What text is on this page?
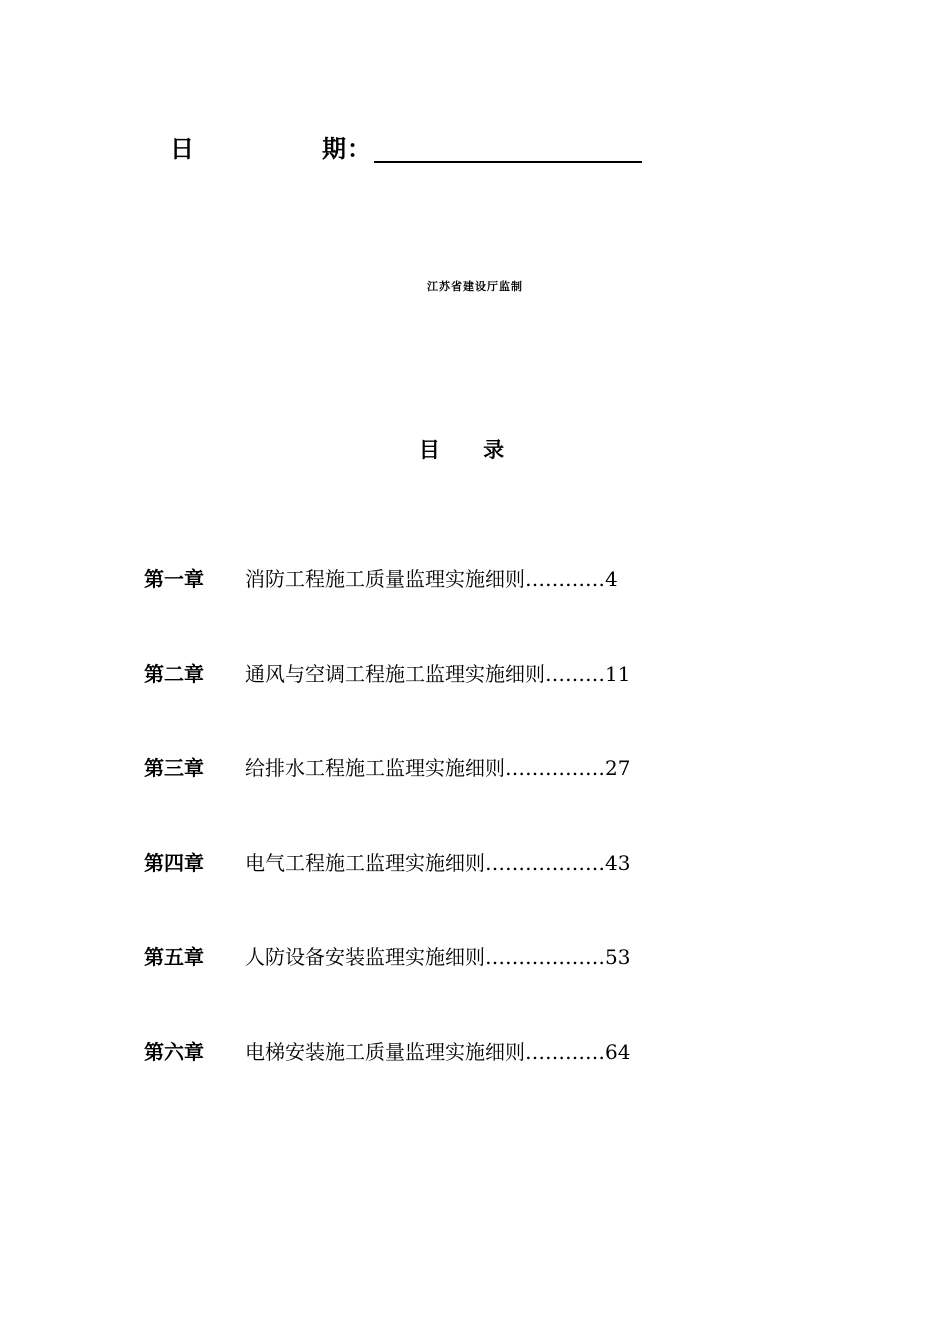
日	期 ：
江苏省建设厅监制
目 录
第一章 消防工程施工质量监理实施细则…………4
第二章 通风与空调工程施工监理实施细则………11
第三章 给排水工程施工监理实施细则……………27
第四章 电气工程施工监理实施细则………………43
第五章 人防设备安装监理实施细则………………53
第六章 电梯安装施工质量监理实施细则…………64
